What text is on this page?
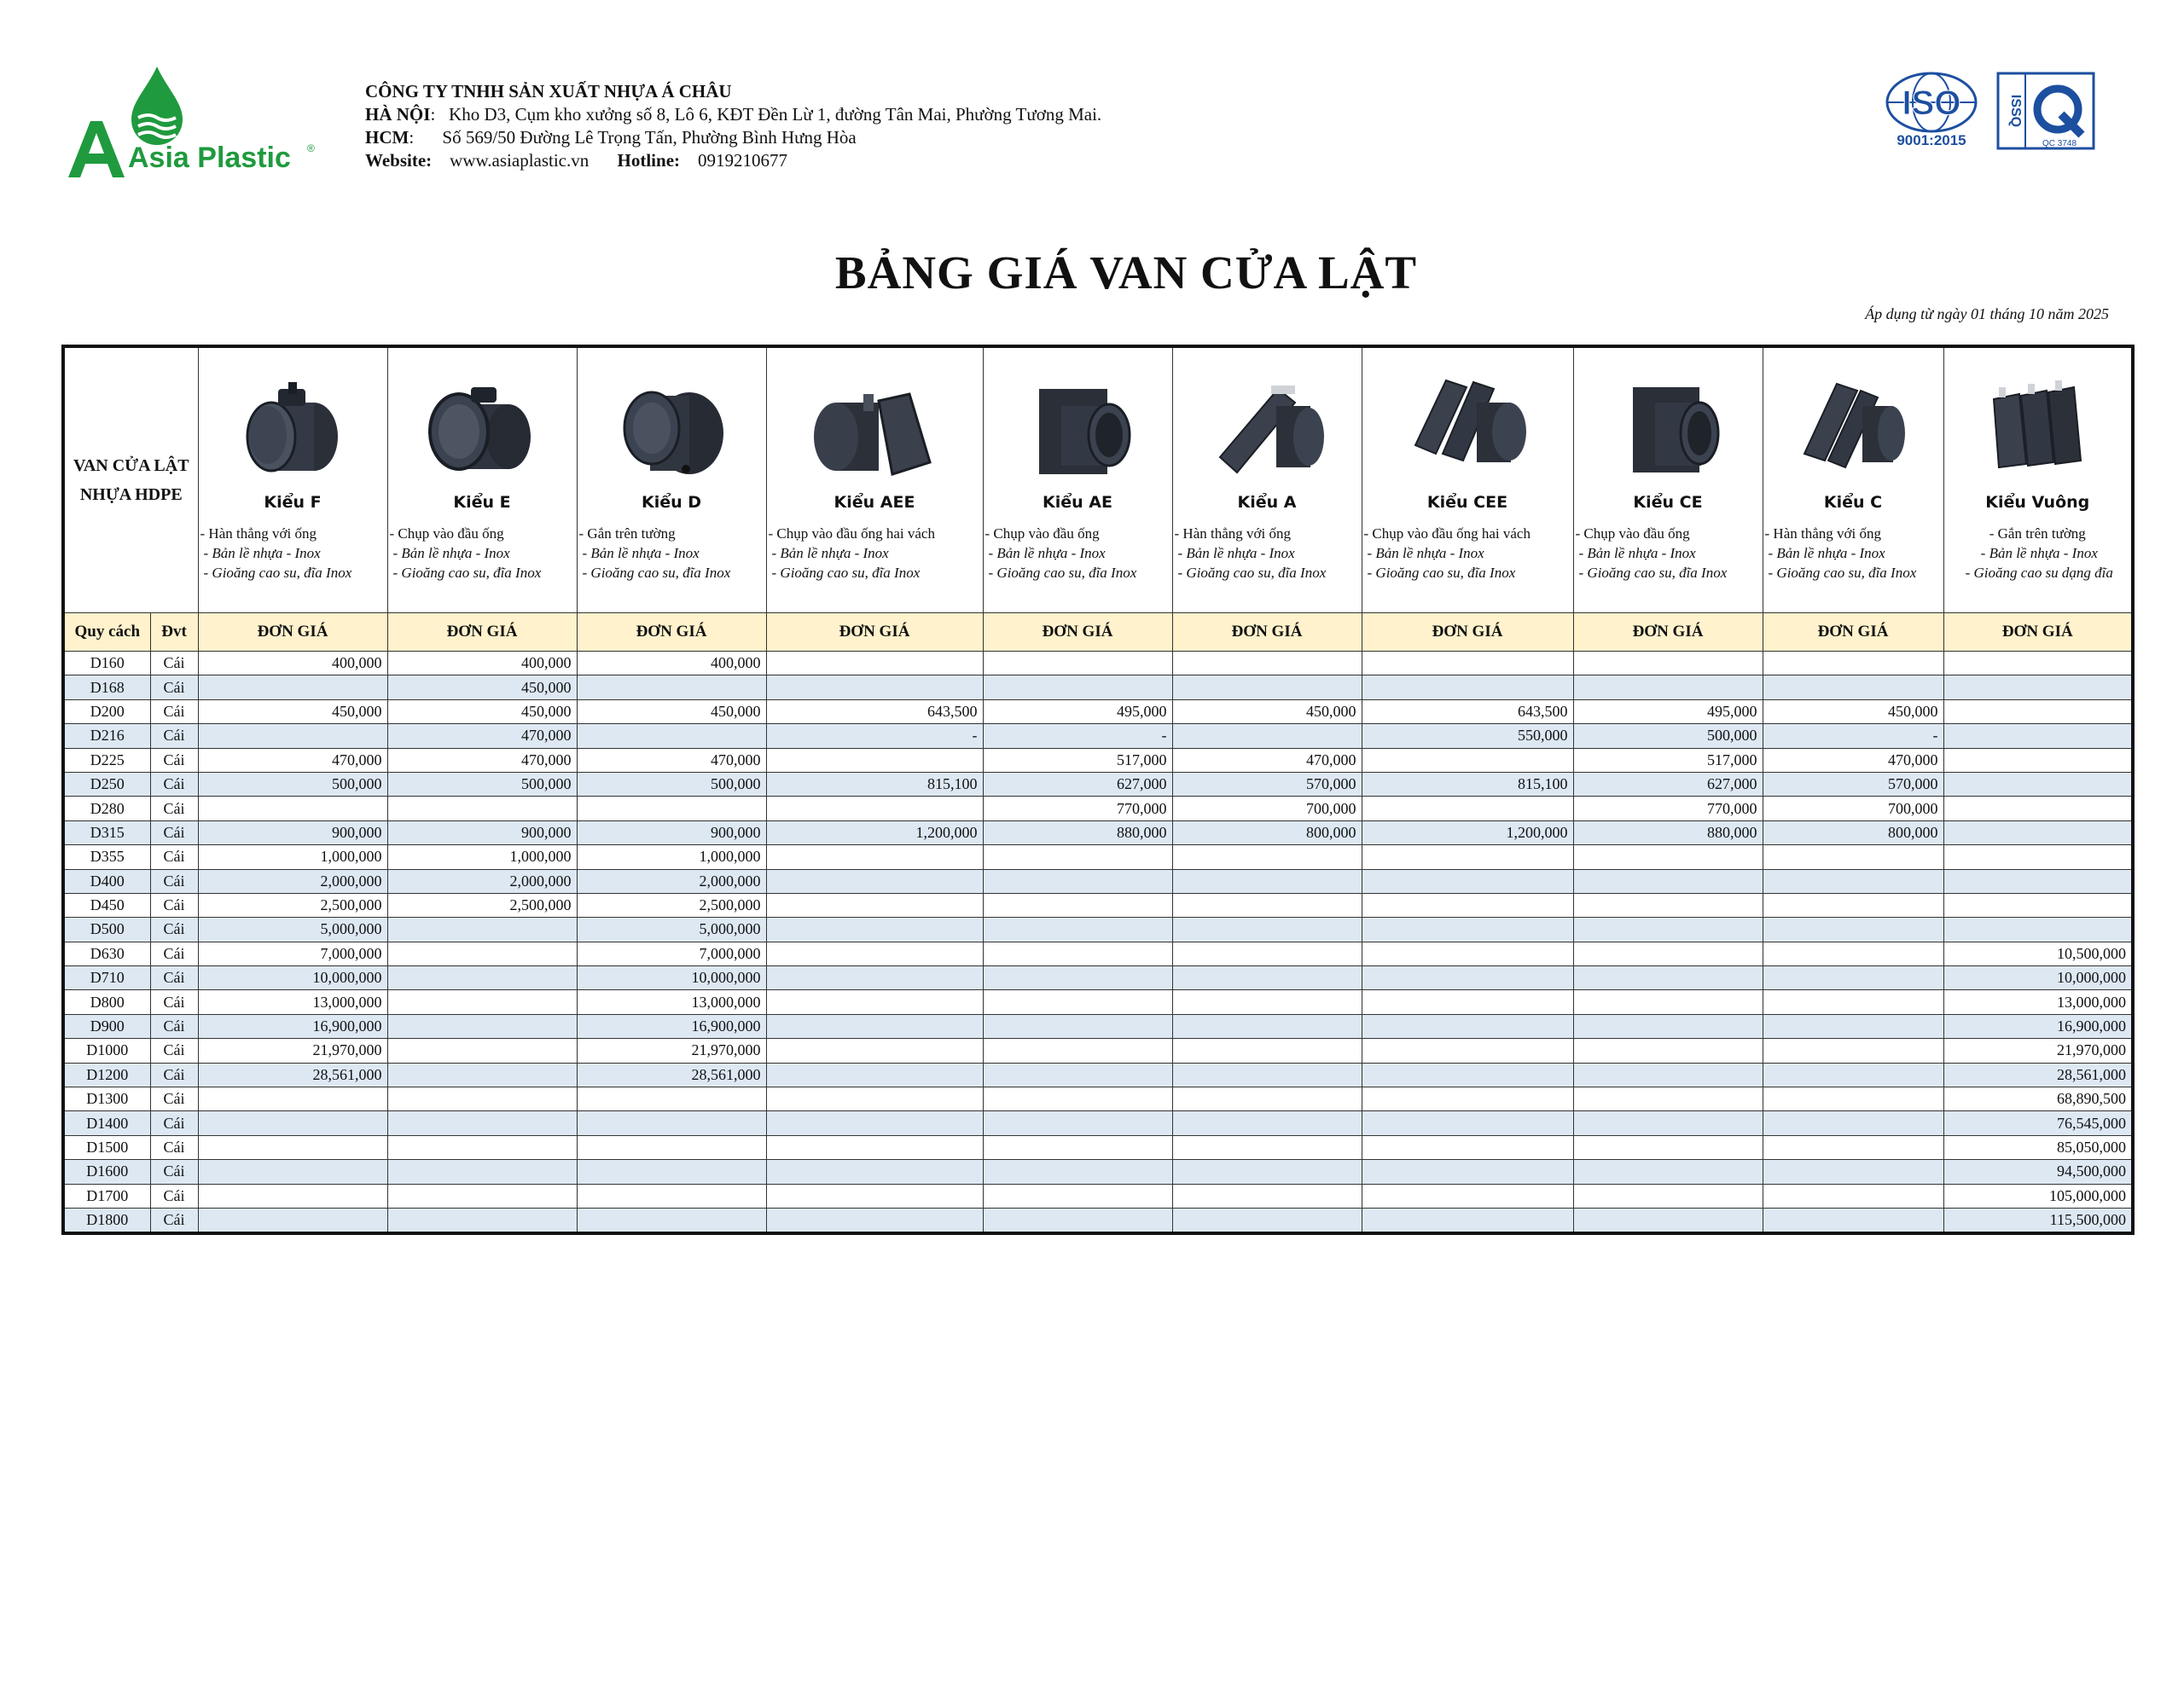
Asia Plastic ®
CÔNG TY TNHH SẢN XUẤT NHỰA Á CHÂU
HÀ NỘI:   Kho D3, Cụm kho xưởng số 8, Lô 6, KĐT Đền Lừ 1, đường Tân Mai, Phường Tương Mai.
HCM: Số 569/50 Đường Lê Trọng Tấn, Phường Bình Hưng Hòa
Website: www.asiaplastic.vn Hotline: 0919210677
ISO
9001:2015
ISSQ
QC 3748
BẢNG GIÁ VAN CỬA LẬT
Áp dụng từ ngày 01 tháng 10 năm 2025
VAN CỬA LẬT
NHỰA HDPE		Kiểu F	Kiểu E	Kiểu D	Kiểu AEE	Kiểu AE	Kiểu A	Kiểu CEE	Kiểu CE	Kiểu C	Kiểu Vuông

		- Hàn thẳng với ống
- Bản lề nhựa - Inox
- Gioăng cao su, đĩa Inox	- Chụp vào đầu ống
- Bản lề nhựa - Inox
- Gioăng cao su, đĩa Inox	- Gắn trên tường
- Bản lề nhựa - Inox
- Gioăng cao su, đĩa Inox	- Chụp vào đầu ống hai vách
- Bản lề nhựa - Inox
- Gioăng cao su, đĩa Inox	- Chụp vào đầu ống
- Bản lề nhựa - Inox
- Gioăng cao su, đĩa Inox	- Hàn thẳng với ống
- Bản lề nhựa - Inox
- Gioăng cao su, đĩa Inox	- Chụp vào đầu ống hai vách
- Bản lề nhựa - Inox
- Gioăng cao su, đĩa Inox	- Chụp vào đầu ống
- Bản lề nhựa - Inox
- Gioăng cao su, đĩa Inox	- Hàn thẳng với ống
- Bản lề nhựa - Inox
- Gioăng cao su, đĩa Inox	- Gắn trên tường
- Bản lề nhựa - Inox
- Gioăng cao su dạng đĩa

Quy cách	Đvt	ĐƠN GIÁ	ĐƠN GIÁ	ĐƠN GIÁ	ĐƠN GIÁ	ĐƠN GIÁ	ĐƠN GIÁ	ĐƠN GIÁ	ĐƠN GIÁ	ĐƠN GIÁ	ĐƠN GIÁ
D160	Cái	400,000	400,000	400,000							
D168	Cái		450,000								
D200	Cái	450,000	450,000	450,000	643,500	495,000	450,000	643,500	495,000	450,000	
D216	Cái		470,000		-	-		550,000	500,000	-	
D225	Cái	470,000	470,000	470,000		517,000	470,000		517,000	470,000	
D250	Cái	500,000	500,000	500,000	815,100	627,000	570,000	815,100	627,000	570,000	
D280	Cái					770,000	700,000		770,000	700,000	
D315	Cái	900,000	900,000	900,000	1,200,000	880,000	800,000	1,200,000	880,000	800,000	
D355	Cái	1,000,000	1,000,000	1,000,000							
D400	Cái	2,000,000	2,000,000	2,000,000							
D450	Cái	2,500,000	2,500,000	2,500,000							
D500	Cái	5,000,000		5,000,000							
D630	Cái	7,000,000		7,000,000							10,500,000
D710	Cái	10,000,000		10,000,000							10,000,000
D800	Cái	13,000,000		13,000,000							13,000,000
D900	Cái	16,900,000		16,900,000							16,900,000
D1000	Cái	21,970,000		21,970,000							21,970,000
D1200	Cái	28,561,000		28,561,000							28,561,000
D1300	Cái										68,890,500
D1400	Cái										76,545,000
D1500	Cái										85,050,000
D1600	Cái										94,500,000
D1700	Cái										105,000,000
D1800	Cái										115,500,000
